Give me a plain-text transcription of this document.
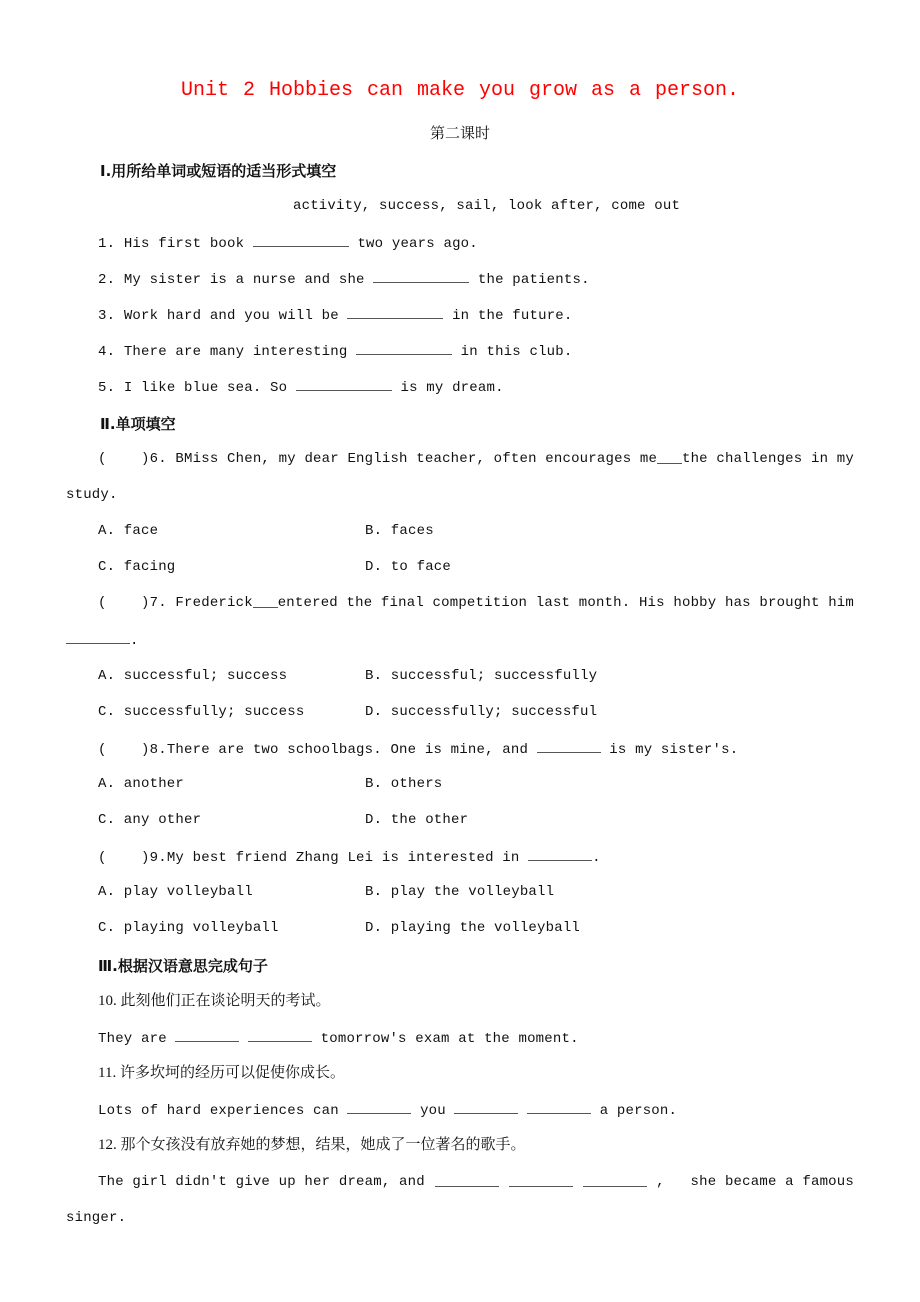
Unit 2 Hobbies can make you grow as a person.
第二课时
Ⅰ.用所给单词或短语的适当形式填空
activity, success, sail, look after, come out
1. His first book	two years ago.
2. My sister is a nurse and she	the patients.
3. Work hard and you will be	in the future.
4. There are many interesting	in this club.
5. I like blue sea. So	is my dream.
Ⅱ.单项填空
( )6. BMiss Chen, my dear English teacher, often encourages me the challenges in my
study.
A. face	B. faces
C. facing	D. to face
( )7. Frederick entered the final competition last month. His hobby has brought him
.
A. successful; success	B. successful; successfully
C. successfully; success	D. successfully; successful
( )8.There are two schoolbags. One is mine, and	is my sister's.
A. another	B. others
C. any other	D. the other
( )9.My best friend Zhang Lei is interested in	.
A. play volleyball	B. play the volleyball
C. playing volleyball	D. playing the volleyball
Ⅲ.根据汉语意思完成句子
10. 此刻他们正在谈论明天的考试。
They are	tomorrow's exam at the moment.
11. 许多坎坷的经历可以促使你成长。
Lots of hard experiences can	you	a person.
12. 那个女孩没有放弃她的梦想，结果，她成了一位著名的歌手。
The girl didn't give up her dream, and	,   she became a famous
singer.
